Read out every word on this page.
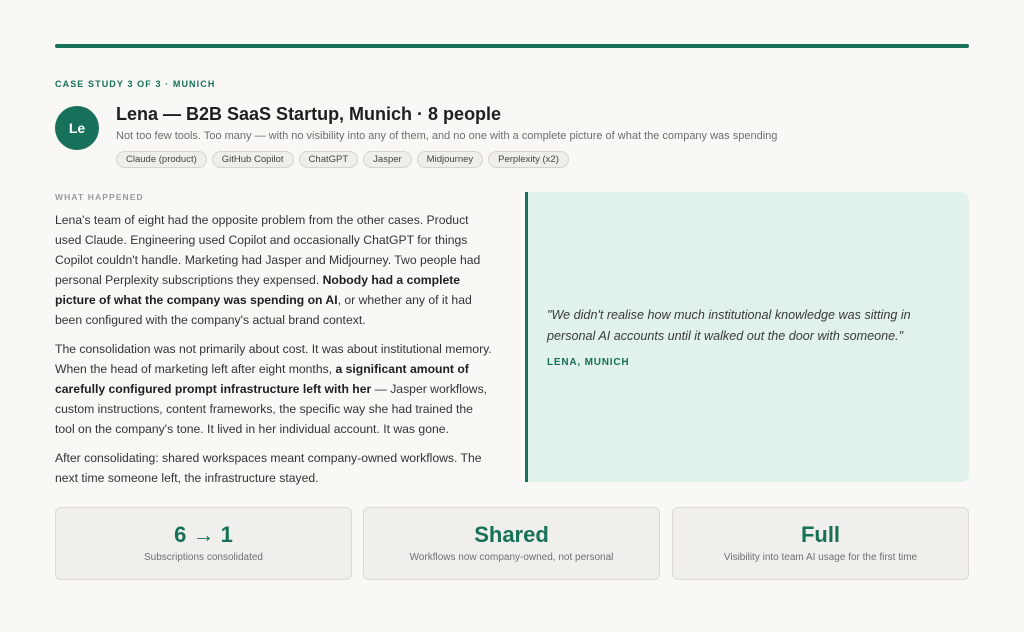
CASE STUDY 3 OF 3 · MUNICH
Le
Lena — B2B SaaS Startup, Munich · 8 people
Not too few tools. Too many — with no visibility into any of them, and no one with a complete picture of what the company was spending
Claude (product)	GitHub Copilot	ChatGPT	Jasper	Midjourney	Perplexity (x2)
WHAT HAPPENED

Lena's team of eight had the opposite problem from the other cases. Product used Claude. Engineering used Copilot and occasionally ChatGPT for things Copilot couldn't handle. Marketing had Jasper and Midjourney. Two people had personal Perplexity subscriptions they expensed. Nobody had a complete picture of what the company was spending on AI, or whether any of it had been configured with the company's actual brand context.

The consolidation was not primarily about cost. It was about institutional memory. When the head of marketing left after eight months, a significant amount of carefully configured prompt infrastructure left with her — Jasper workflows, custom instructions, content frameworks, the specific way she had trained the tool on the company's tone. It lived in her individual account. It was gone.

After consolidating: shared workspaces meant company-owned workflows. The next time someone left, the infrastructure stayed.

"We didn't realise how much institutional knowledge was sitting in personal AI accounts until it walked out the door with someone."
LENA, MUNICH
6 → 1
Subscriptions consolidated
Shared
Workflows now company-owned, not personal
Full
Visibility into team AI usage for the first time
